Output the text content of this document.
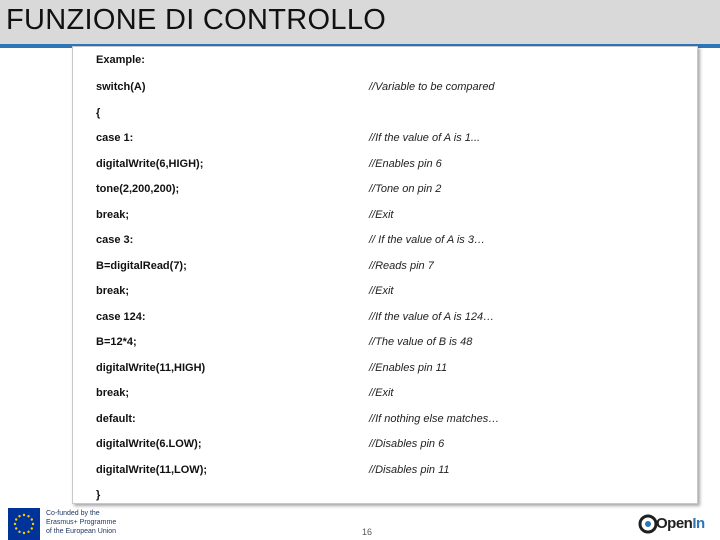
FUNZIONE DI CONTROLLO
Example:
switch(A)	//Variable to be compared
{
case 1:	//If the value of A is 1...
digitalWrite(6,HIGH);	//Enables pin 6
tone(2,200,200);	//Tone on pin 2
break;	//Exit
case 3:	// If the value of A is 3…
B=digitalRead(7);	//Reads pin 7
break;	//Exit
case 124:	//If the value of A is 124…
B=12*4;	//The value of B is 48
digitalWrite(11,HIGH)	//Enables pin 11
break;	//Exit
default:	//If nothing else matches…
digitalWrite(6.LOW);	//Disables pin 6
digitalWrite(11,LOW);	//Disables pin 11
}
Co-funded by the
Erasmus+ Programme
of the European Union	16	OpenIn
